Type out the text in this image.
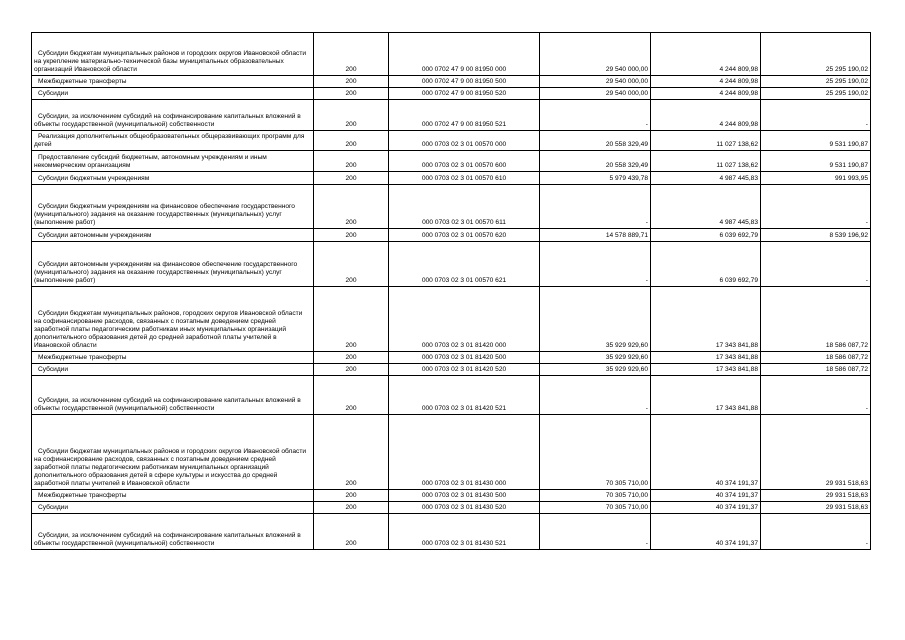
Субсидии бюджетам муниципальных районов и городских округов Ивановской области на укрепление материально-технической базы муниципальных образовательных организаций Ивановской области	200	000 0702 47 9 00 81950 000	29 540 000,00	4 244 809,98	25 295 190,02

Межбюджетные трансферты	200	000 0702 47 9 00 81950 500	29 540 000,00	4 244 809,98	25 295 190,02

Субсидии	200	000 0702 47 9 00 81950 520	29 540 000,00	4 244 809,98	25 295 190,02

Субсидии, за исключением субсидий на софинансирование капитальных вложений в объекты государственной (муниципальной) собственности	200	000 0702 47 9 00 81950 521	-	4 244 809,98	-

Реализация дополнительных общеобразовательных общеразвивающих программ для детей	200	000 0703 02 3 01 00570 000	20 558 329,49	11 027 138,62	9 531 190,87

Предоставление субсидий бюджетным, автономным учреждениям и иным некоммерческим организациям	200	000 0703 02 3 01 00570 600	20 558 329,49	11 027 138,62	9 531 190,87

Субсидии бюджетным учреждениям	200	000 0703 02 3 01 00570 610	5 979 439,78	4 987 445,83	991 993,95

Субсидии бюджетным учреждениям на финансовое обеспечение государственного (муниципального) задания на оказание государственных (муниципальных) услуг (выполнение работ)	200	000 0703 02 3 01 00570 611	-	4 987 445,83	-

Субсидии автономным учреждениям	200	000 0703 02 3 01 00570 620	14 578 889,71	6 039 692,79	8 539 196,92

Субсидии автономным учреждениям на финансовое обеспечение государственного (муниципального) задания на оказание государственных (муниципальных) услуг (выполнение работ)	200	000 0703 02 3 01 00570 621	-	6 039 692,79	-

Субсидии бюджетам муниципальных районов, городских округов Ивановской области на софинансирование расходов, связанных с поэтапным доведением средней заработной платы педагогическим работникам иных муниципальных организаций дополнительного образования детей до средней заработной платы учителей в Ивановской области	200	000 0703 02 3 01 81420 000	35 929 929,60	17 343 841,88	18 586 087,72

Межбюджетные трансферты	200	000 0703 02 3 01 81420 500	35 929 929,60	17 343 841,88	18 586 087,72

Субсидии	200	000 0703 02 3 01 81420 520	35 929 929,60	17 343 841,88	18 586 087,72

Субсидии, за исключением субсидий на софинансирование капитальных вложений в объекты государственной (муниципальной) собственности	200	000 0703 02 3 01 81420 521	-	17 343 841,88	-

Субсидии бюджетам муниципальных районов и городских округов Ивановской области на софинансирование расходов, связанных с поэтапным доведением средней заработной платы педагогическим работникам муниципальных организаций дополнительного образования детей в сфере культуры и искусства до средней заработной платы учителей в Ивановской области	200	000 0703 02 3 01 81430 000	70 305 710,00	40 374 191,37	29 931 518,63

Межбюджетные трансферты	200	000 0703 02 3 01 81430 500	70 305 710,00	40 374 191,37	29 931 518,63

Субсидии	200	000 0703 02 3 01 81430 520	70 305 710,00	40 374 191,37	29 931 518,63

Субсидии, за исключением субсидий на софинансирование капитальных вложений в объекты государственной (муниципальной) собственности	200	000 0703 02 3 01 81430 521	-	40 374 191,37	-
